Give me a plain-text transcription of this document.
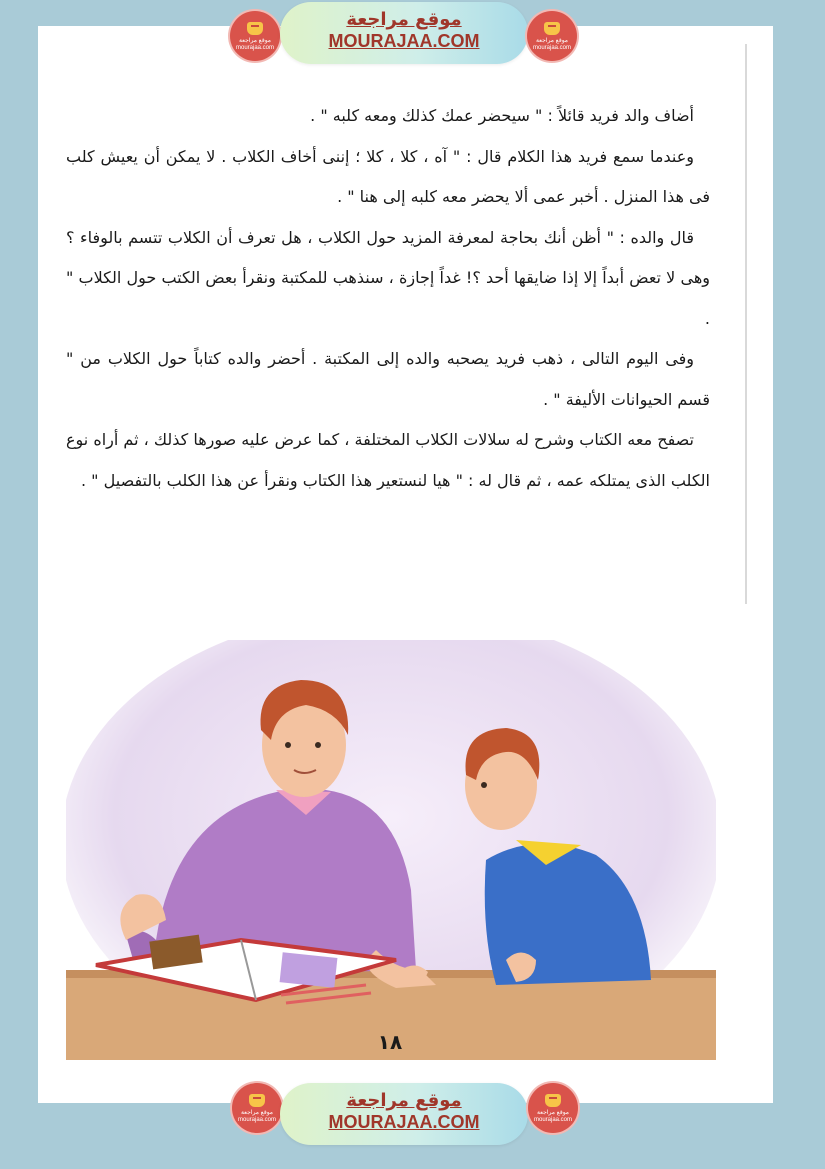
موقع مراجعة
mourajaa.com
موقع مراجعة
MOURAJAA.COM	موقع مراجعة
mourajaa.com

أضاف والد فريد قائلاً : " سيحضر عمك كذلك ومعه كلبه " .

وعندما سمع فريد هذا الكلام قال : " آه ، كلا ، كلا ؛ إننى أخاف الكلاب . لا يمكن أن يعيش كلب فى هذا المنزل . أخبر عمى ألا يحضر معه كلبه إلى هنا " .

قال والده : " أظن أنك بحاجة لمعرفة المزيد حول الكلاب ، هل تعرف أن الكلاب تتسم بالوفاء ؟ وهى لا تعض أبداً إلا إذا ضايقها أحد ؟! غداً إجازة ، سنذهب للمكتبة ونقرأ بعض الكتب حول الكلاب " .

وفى اليوم التالى ، ذهب فريد يصحبه والده إلى المكتبة . أحضر والده كتاباً حول الكلاب من " قسم الحيوانات الأليفة " .

تصفح معه الكتاب وشرح له سلالات الكلاب المختلفة ، كما عرض عليه صورها كذلك ، ثم أراه نوع الكلب الذى يمتلكه عمه ، ثم قال له : " هيا لنستعير هذا الكتاب ونقرأ عن هذا الكلب بالتفصيل " .

١٨
موقع مراجعة
mourajaa.com
موقع مراجعة
MOURAJAA.COM	موقع مراجعة
mourajaa.com
